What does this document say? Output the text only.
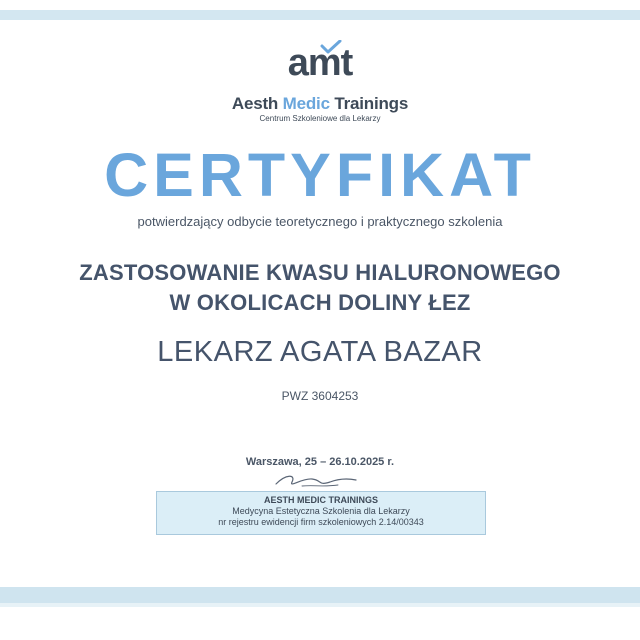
amt
Aesth Medic Trainings
Centrum Szkoleniowe dla Lekarzy
CERTYFIKAT
potwierdzający odbycie teoretycznego i praktycznego szkolenia
ZASTOSOWANIE KWASU HIALURONOWEGO
W OKOLICACH DOLINY ŁEZ
LEKARZ AGATA BAZAR
PWZ 3604253
Warszawa, 25 – 26.10.2025 r.
AESTH MEDIC TRAININGS
Medycyna Estetyczna Szkolenia dla Lekarzy
nr rejestru ewidencji firm szkoleniowych 2.14/00343
